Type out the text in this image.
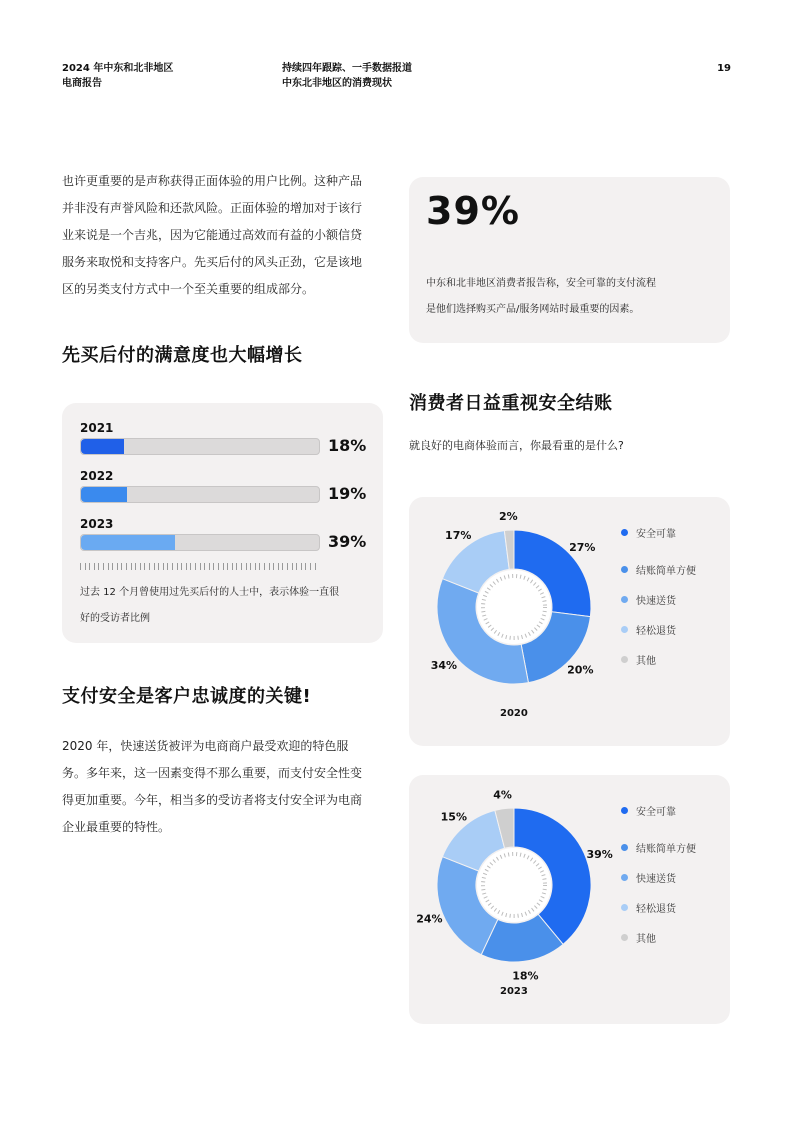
2024 年中东和北非地区
电商报告
持续四年跟踪、一手数据报道
中东北非地区的消费现状
19
也许更重要的是声称获得正面体验的用户比例。这种产品
并非没有声誉风险和还款风险。正面体验的增加对于该行
业来说是一个吉兆，因为它能通过高效而有益的小额信贷
服务来取悦和支持客户。先买后付的风头正劲，它是该地
区的另类支付方式中一个至关重要的组成部分。
39%
中东和北非地区消费者报告称，安全可靠的支付流程
是他们选择购买产品/服务网站时最重要的因素。
先买后付的满意度也大幅增长
2021
18%
2022
19%
2023
39%
过去 12 个月曾使用过先买后付的人士中，表示体验一直很
好的受访者比例
支付安全是客户忠诚度的关键!
2020 年，快速送货被评为电商商户最受欢迎的特色服
务。多年来，这一因素变得不那么重要，而支付安全性变
得更加重要。今年，相当多的受访者将支付安全评为电商
企业最重要的特性。
消费者日益重视安全结账
就良好的电商体验而言，你最看重的是什么?
27%
20%
34%
17%
2%
安全可靠
结账简单方便
快速送货
轻松退货
其他
2020
39%
18%
24%
15%
4%
安全可靠
结账简单方便
快速送货
轻松退货
其他
2023
